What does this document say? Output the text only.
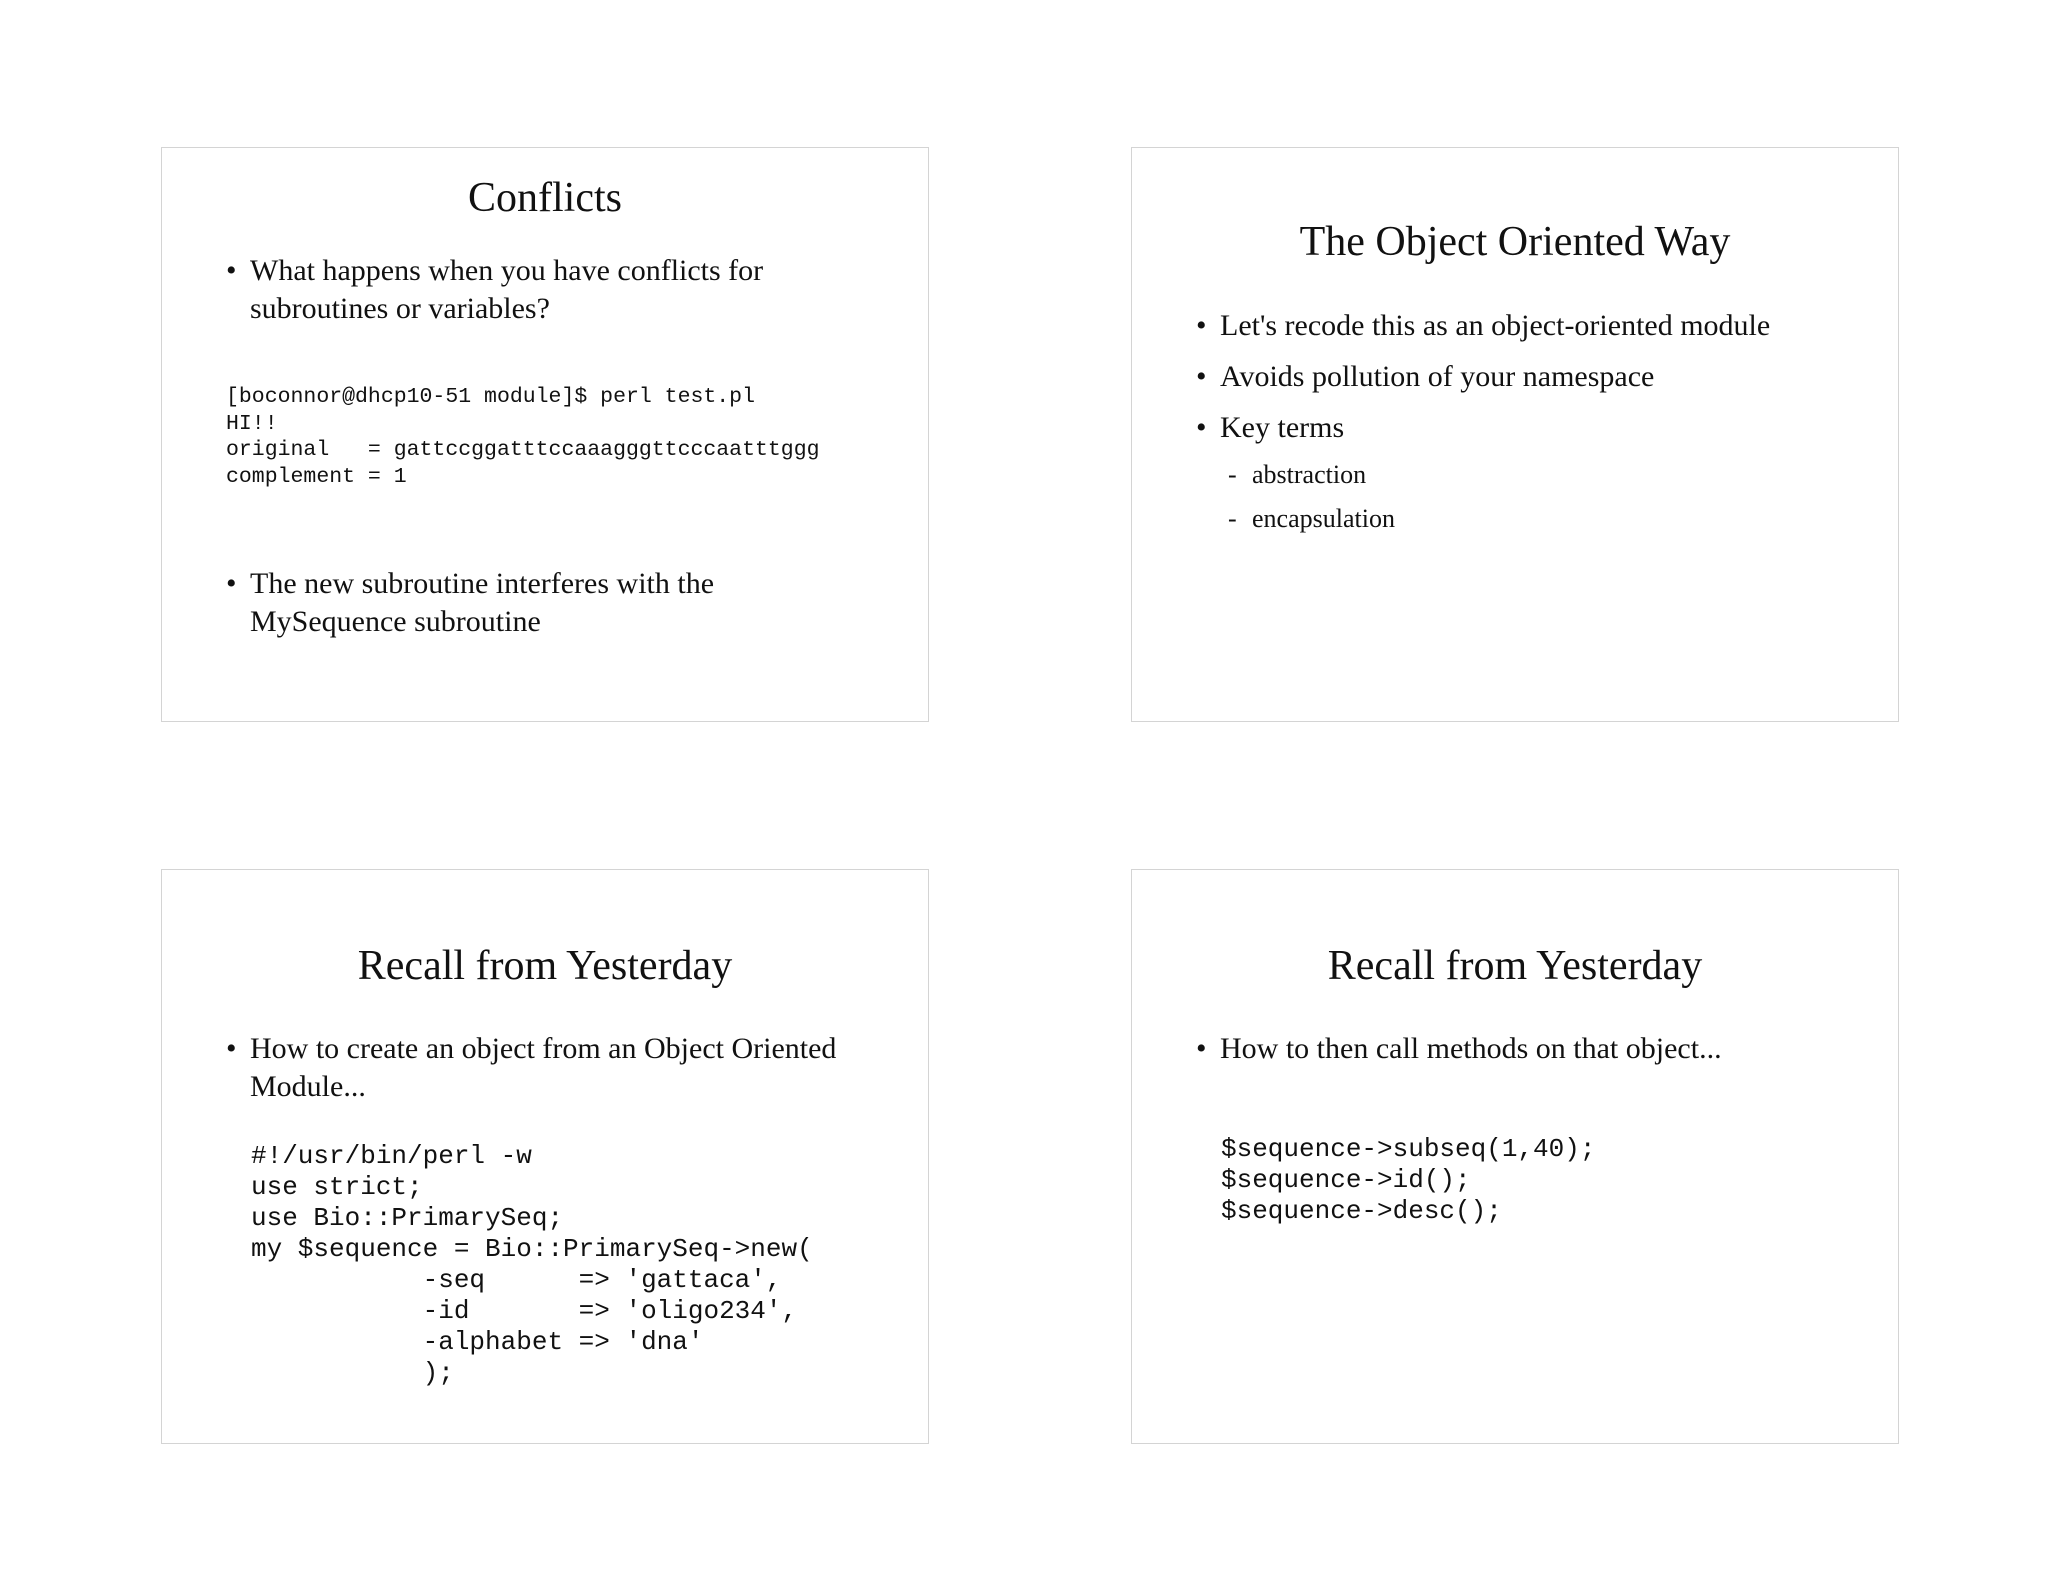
Conflicts

• What happens when you have conflicts for subroutines or variables?

[boconnor@dhcp10-51 module]$ perl test.pl
HI!!
original   = gattccggatttccaaagggttcccaatttggg
complement = 1

• The new subroutine interferes with the MySequence subroutine

The Object Oriented Way

• Let's recode this as an object-oriented module

• Avoids pollution of your namespace

• Key terms

- abstraction

- encapsulation

Recall from Yesterday

• How to create an object from an Object Oriented Module...

#!/usr/bin/perl -w
use strict;
use Bio::PrimarySeq;
my $sequence = Bio::PrimarySeq->new(
-seq      => 'gattaca',
-id       => 'oligo234',
-alphabet => 'dna'
);
Recall from Yesterday

• How to then call methods on that object...

$sequence->subseq(1,40);
$sequence->id();
$sequence->desc();
